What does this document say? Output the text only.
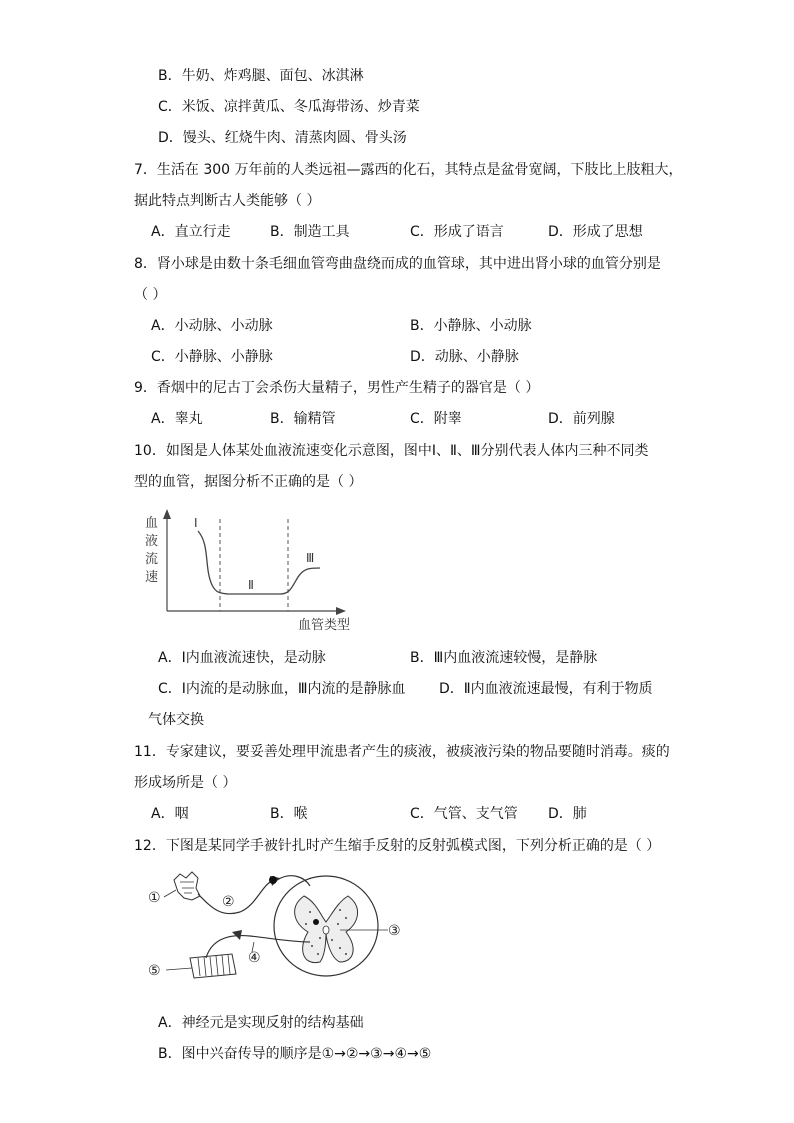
B．牛奶、炸鸡腿、面包、冰淇淋
C．米饭、凉拌黄瓜、冬瓜海带汤、炒青菜
D．馒头、红烧牛肉、清蒸肉圆、骨头汤
7．生活在 300 万年前的人类远祖—露西的化石，其特点是盆骨宽阔，下肢比上肢粗大，
据此特点判断古人类能够（ ）
A．直立行走	B．制造工具	C．形成了语言	D．形成了思想
8．肾小球是由数十条毛细血管弯曲盘绕而成的血管球，其中进出肾小球的血管分别是
（ ）
A．小动脉、小动脉	B．小静脉、小动脉
C．小静脉、小静脉	D．动脉、小静脉
9．香烟中的尼古丁会杀伤大量精子，男性产生精子的器官是（ ）
A．睾丸	B．输精管	C．附睾	D．前列腺
10．如图是人体某处血液流速变化示意图，图中Ⅰ、Ⅱ、Ⅲ分别代表人体内三种不同类
型的血管，据图分析不正确的是（ ）
血
液
流
速
Ⅰ
Ⅱ
Ⅲ
血管类型
A．Ⅰ内血液流速快，是动脉	B．Ⅲ内血液流速较慢，是静脉
C．Ⅰ内流的是动脉血，Ⅲ内流的是静脉血 D．Ⅱ内血液流速最慢，有利于物质
气体交换
11．专家建议，要妥善处理甲流患者产生的痰液，被痰液污染的物品要随时消毒。痰的
形成场所是（ ）
A．咽	B．喉	C．气管、支气管 D．肺
12．下图是某同学手被针扎时产生缩手反射的反射弧模式图，下列分析正确的是（ ）
①	②
③
④
⑤
A．神经元是实现反射的结构基础
B．图中兴奋传导的顺序是①→②→③→④→⑤
